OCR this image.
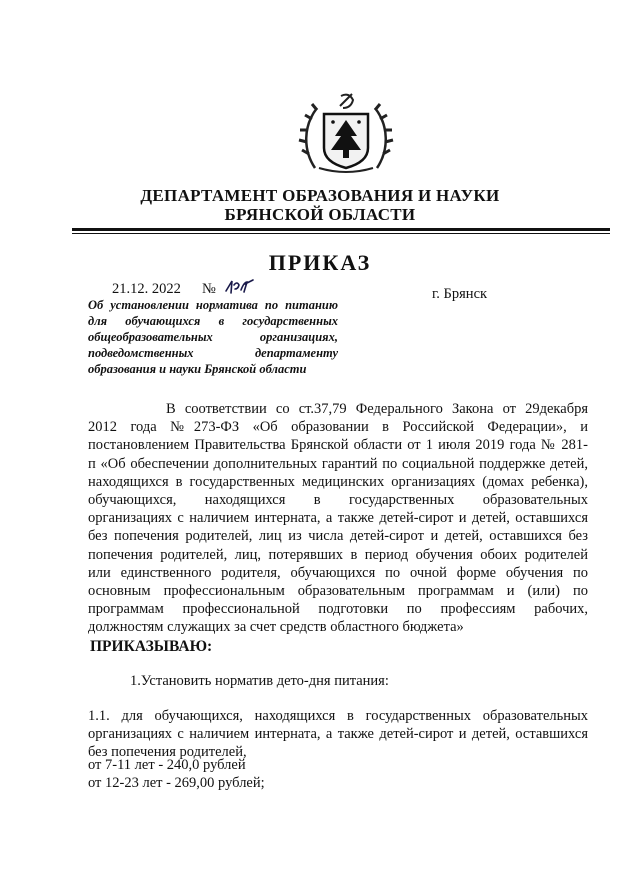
ДЕПАРТАМЕНТ ОБРАЗОВАНИЯ И НАУКИ
БРЯНСКОЙ ОБЛАСТИ
ПРИКАЗ
21.12. 2022 №	г. Брянск
Об установлении норматива по питанию
для обучающихся в государственных
общеобразовательных организациях,
подведомственных департаменту
образования и науки Брянской области
В соответствии со ст.37,79 Федерального Закона от 29декабря
2012 года №273-ФЗ «Об образовании в Российской Федерации», и
постановлением Правительства Брянской области от 1 июля 2019 года № 281-
п «Об обеспечении дополнительных гарантий по социальной поддержке детей,
находящихся в государственных медицинских организациях (домах ребенка),
обучающихся, находящихся в государственных образовательных
организациях с наличием интерната, а также детей-сирот и детей, оставшихся
без попечения родителей, лиц из числа детей-сирот и детей, оставшихся без
попечения родителей, лиц, потерявших в период обучения обоих родителей
или единственного родителя, обучающихся по очной форме обучения по
основным профессиональным образовательным программам и (или) по
программам профессиональной подготовки по профессиям рабочих,
должностям служащих за счет средств областного бюджета»
ПРИКАЗЫВАЮ:
1.Установить норматив дето-дня питания:
1.1. для обучающихся, находящихся в государственных образовательных
организациях с наличием интерната, а также детей-сирот и детей, оставшихся
без попечения родителей,
от 7-11 лет - 240,0 рублей
от 12-23 лет - 269,00 рублей;
